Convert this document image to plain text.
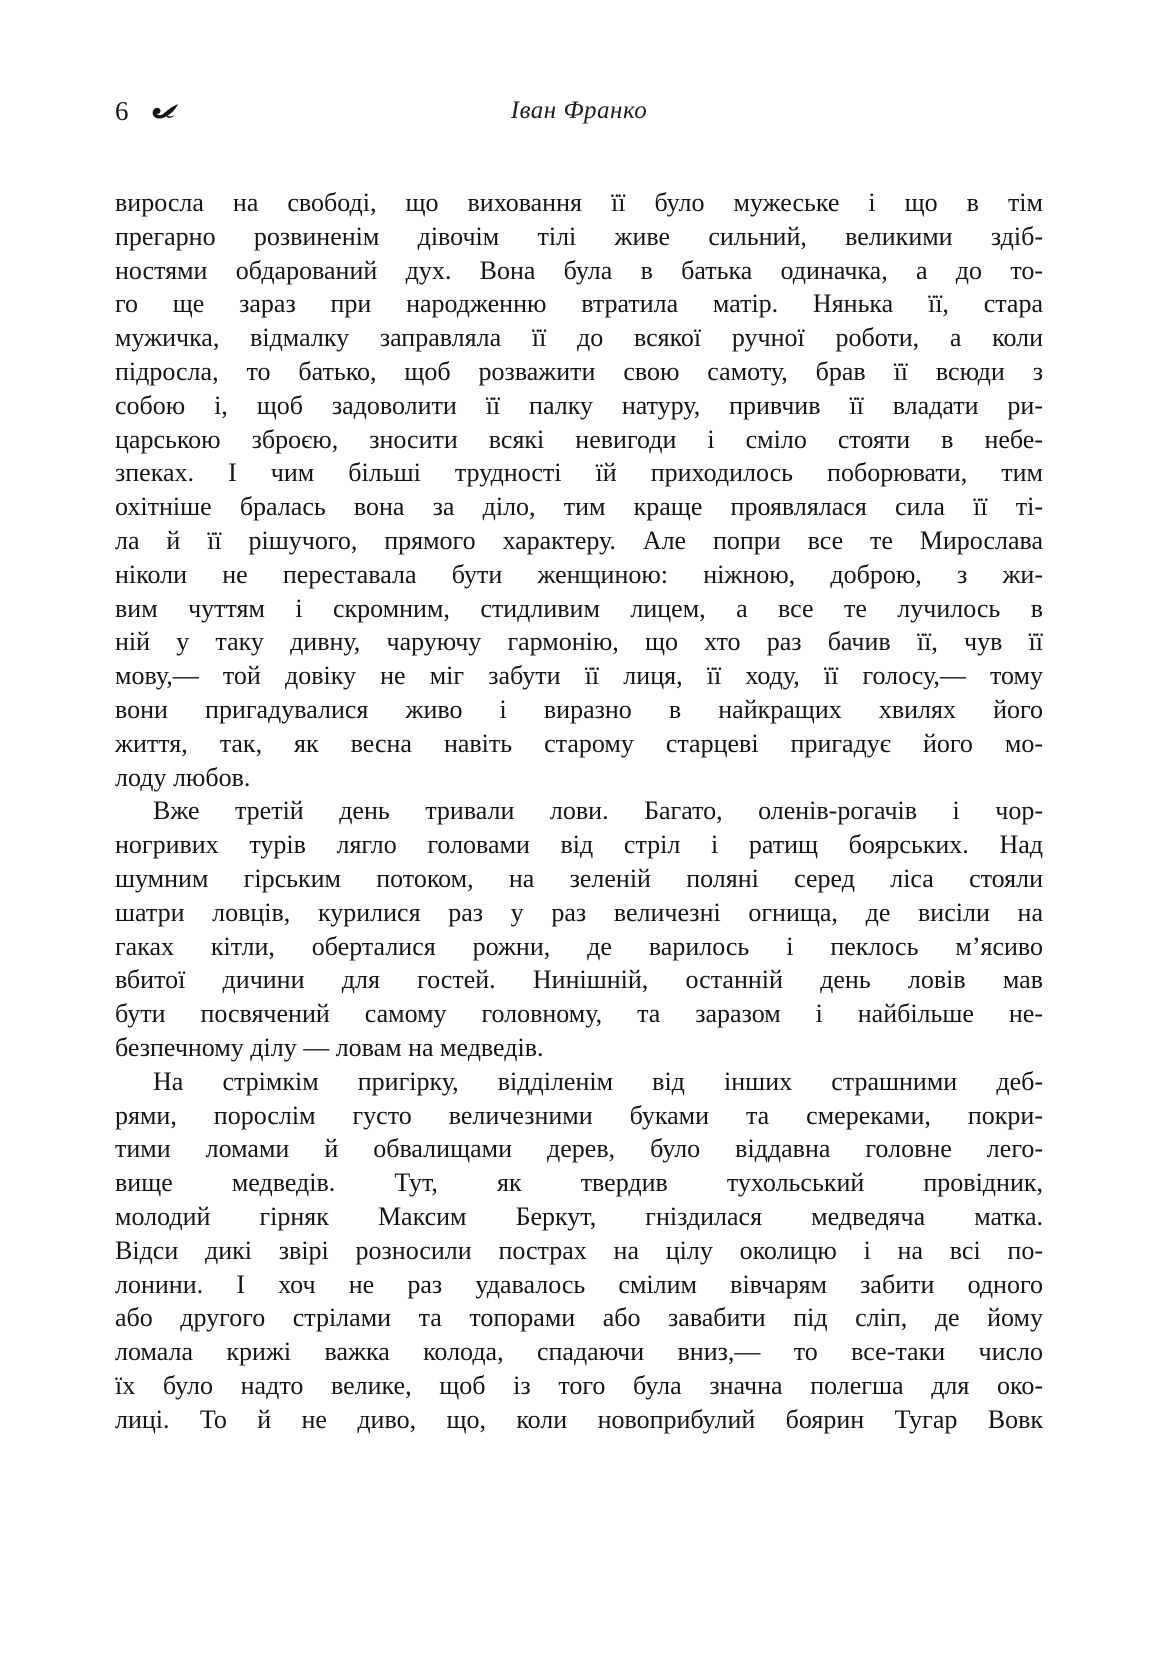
6	Іван Франко
виросла на свободі, що виховання її було мужеське і що в тім
прегарно розвиненім дівочім тілі живе сильний, великими здіб-
ностями обдарований дух. Вона була в батька одиначка, а до то-
го ще зараз при народженню втратила матір. Нянька її, стара
мужичка, відмалку заправляла її до всякої ручної роботи, а коли
підросла, то батько, щоб розважити свою самоту, брав її всюди з
собою і, щоб задоволити її палку натуру, привчив її владати ри-
царською зброєю, зносити всякі невигоди і сміло стояти в небе-
зпеках. І чим більші трудності їй приходилось поборювати, тим
охітніше бралась вона за діло, тим краще проявлялася сила її ті-
ла й її рішучого, прямого характеру. Але попри все те Мирослава
ніколи не переставала бути женщиною: ніжною, доброю, з жи-
вим чуттям і скромним, стидливим лицем, а все те лучилось в
ній у таку дивну, чаруючу гармонію, що хто раз бачив її, чув її
мову,— той довіку не міг забути її лиця, її ходу, її голосу,— тому
вони пригадувалися живо і виразно в найкращих хвилях його
життя, так, як весна навіть старому старцеві пригадує його мо-
лоду любов.
Вже третій день тривали лови. Багато, оленів-рогачів і чор-
ногривих турів лягло головами від стріл і ратищ боярських. Над
шумним гірським потоком, на зеленій поляні серед ліса стояли
шатри ловців, курилися раз у раз величезні огнища, де висіли на
гаках кітли, оберталися рожни, де варилось і пеклось м’ясиво
вбитої дичини для гостей. Нинішній, останній день ловів мав
бути посвячений самому головному, та заразом і найбільше не-
безпечному ділу — ловам на медведів.
На стрімкім пригірку, відділенім від інших страшними деб-
рями, порослім густо величезними буками та смереками, покри-
тими ломами й обвалищами дерев, було віддавна головне лего-
вище медведів. Тут, як твердив тухольський провідник,
молодий гірняк Максим Беркут, гніздилася медведяча матка.
Відси дикі звірі розносили пострах на цілу околицю і на всі по-
лонини. І хоч не раз удавалось смілим вівчарям забити одного
або другого стрілами та топорами або завабити під сліп, де йому
ломала крижі важка колода, спадаючи вниз,— то все-таки число
їх було надто велике, щоб із того була значна полегша для око-
лиці. То й не диво, що, коли новоприбулий боярин Тугар Вовк
